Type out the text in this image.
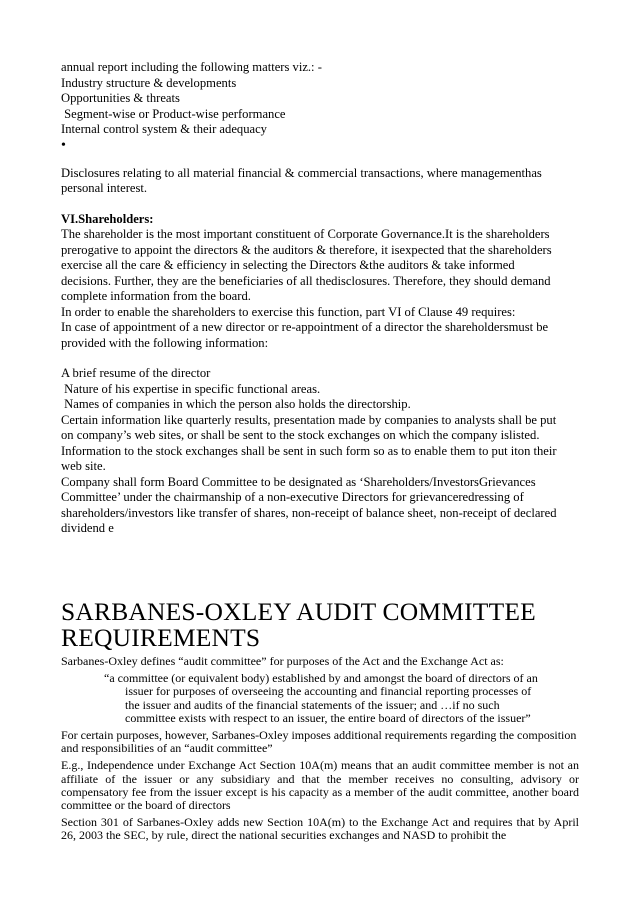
annual report including the following matters viz.: -

Industry structure & developments

Opportunities & threats

Segment-wise or Product-wise performance

Internal control system & their adequacy

•

Disclosures relating to all material financial & commercial transactions, where managementhas

personal interest.

VI.Shareholders:

The shareholder is the most important constituent of Corporate Governance.It is the shareholders

prerogative to appoint the directors & the auditors & therefore, it isexpected that the shareholders

exercise all the care & efficiency in selecting the Directors &the auditors & take informed

decisions. Further, they are the beneficiaries of all thedisclosures. Therefore, they should demand

complete information from the board.

In order to enable the shareholders to exercise this function, part VI of Clause 49 requires:

In case of appointment of a new director or re-appointment of a director the shareholdersmust be

provided with the following information:

A brief resume of the director

Nature of his expertise in specific functional areas.

Names of companies in which the person also holds the directorship.

Certain information like quarterly results, presentation made by companies to analysts shall be put

on company’s web sites, or shall be sent to the stock exchanges on which the company islisted.

Information to the stock exchanges shall be sent in such form so as to enable them to put iton their

web site.

Company shall form Board Committee to be designated as ‘Shareholders/InvestorsGrievances

Committee’ under the chairmanship of a non-executive Directors for grievanceredressing of

shareholders/investors like transfer of shares, non-receipt of balance sheet, non-receipt of declared

dividend e

SARBANES-OXLEY AUDIT COMMITTEE
REQUIREMENTS

Sarbanes-Oxley defines “audit committee” for purposes of the Act and the Exchange Act as:

“a committee (or equivalent body) established by and amongst the board of directors of an
issuer for purposes of overseeing the accounting and financial reporting processes of
the issuer and audits of the financial statements of the issuer; and …if no such
committee exists with respect to an issuer, the entire board of directors of the issuer”

For certain purposes, however, Sarbanes-Oxley imposes additional requirements regarding the composition and responsibilities of an “audit committee”

E.g., Independence under Exchange Act Section 10A(m) means that an audit committee member is not an affiliate of the issuer or any subsidiary and that the member receives no consulting, advisory or compensatory fee from the issuer except is his capacity as a member of the audit committee, another board committee or the board of directors

Section 301 of Sarbanes-Oxley adds new Section 10A(m) to the Exchange Act and requires that by April 26, 2003 the SEC, by rule, direct the national securities exchanges and NASD to prohibit the
